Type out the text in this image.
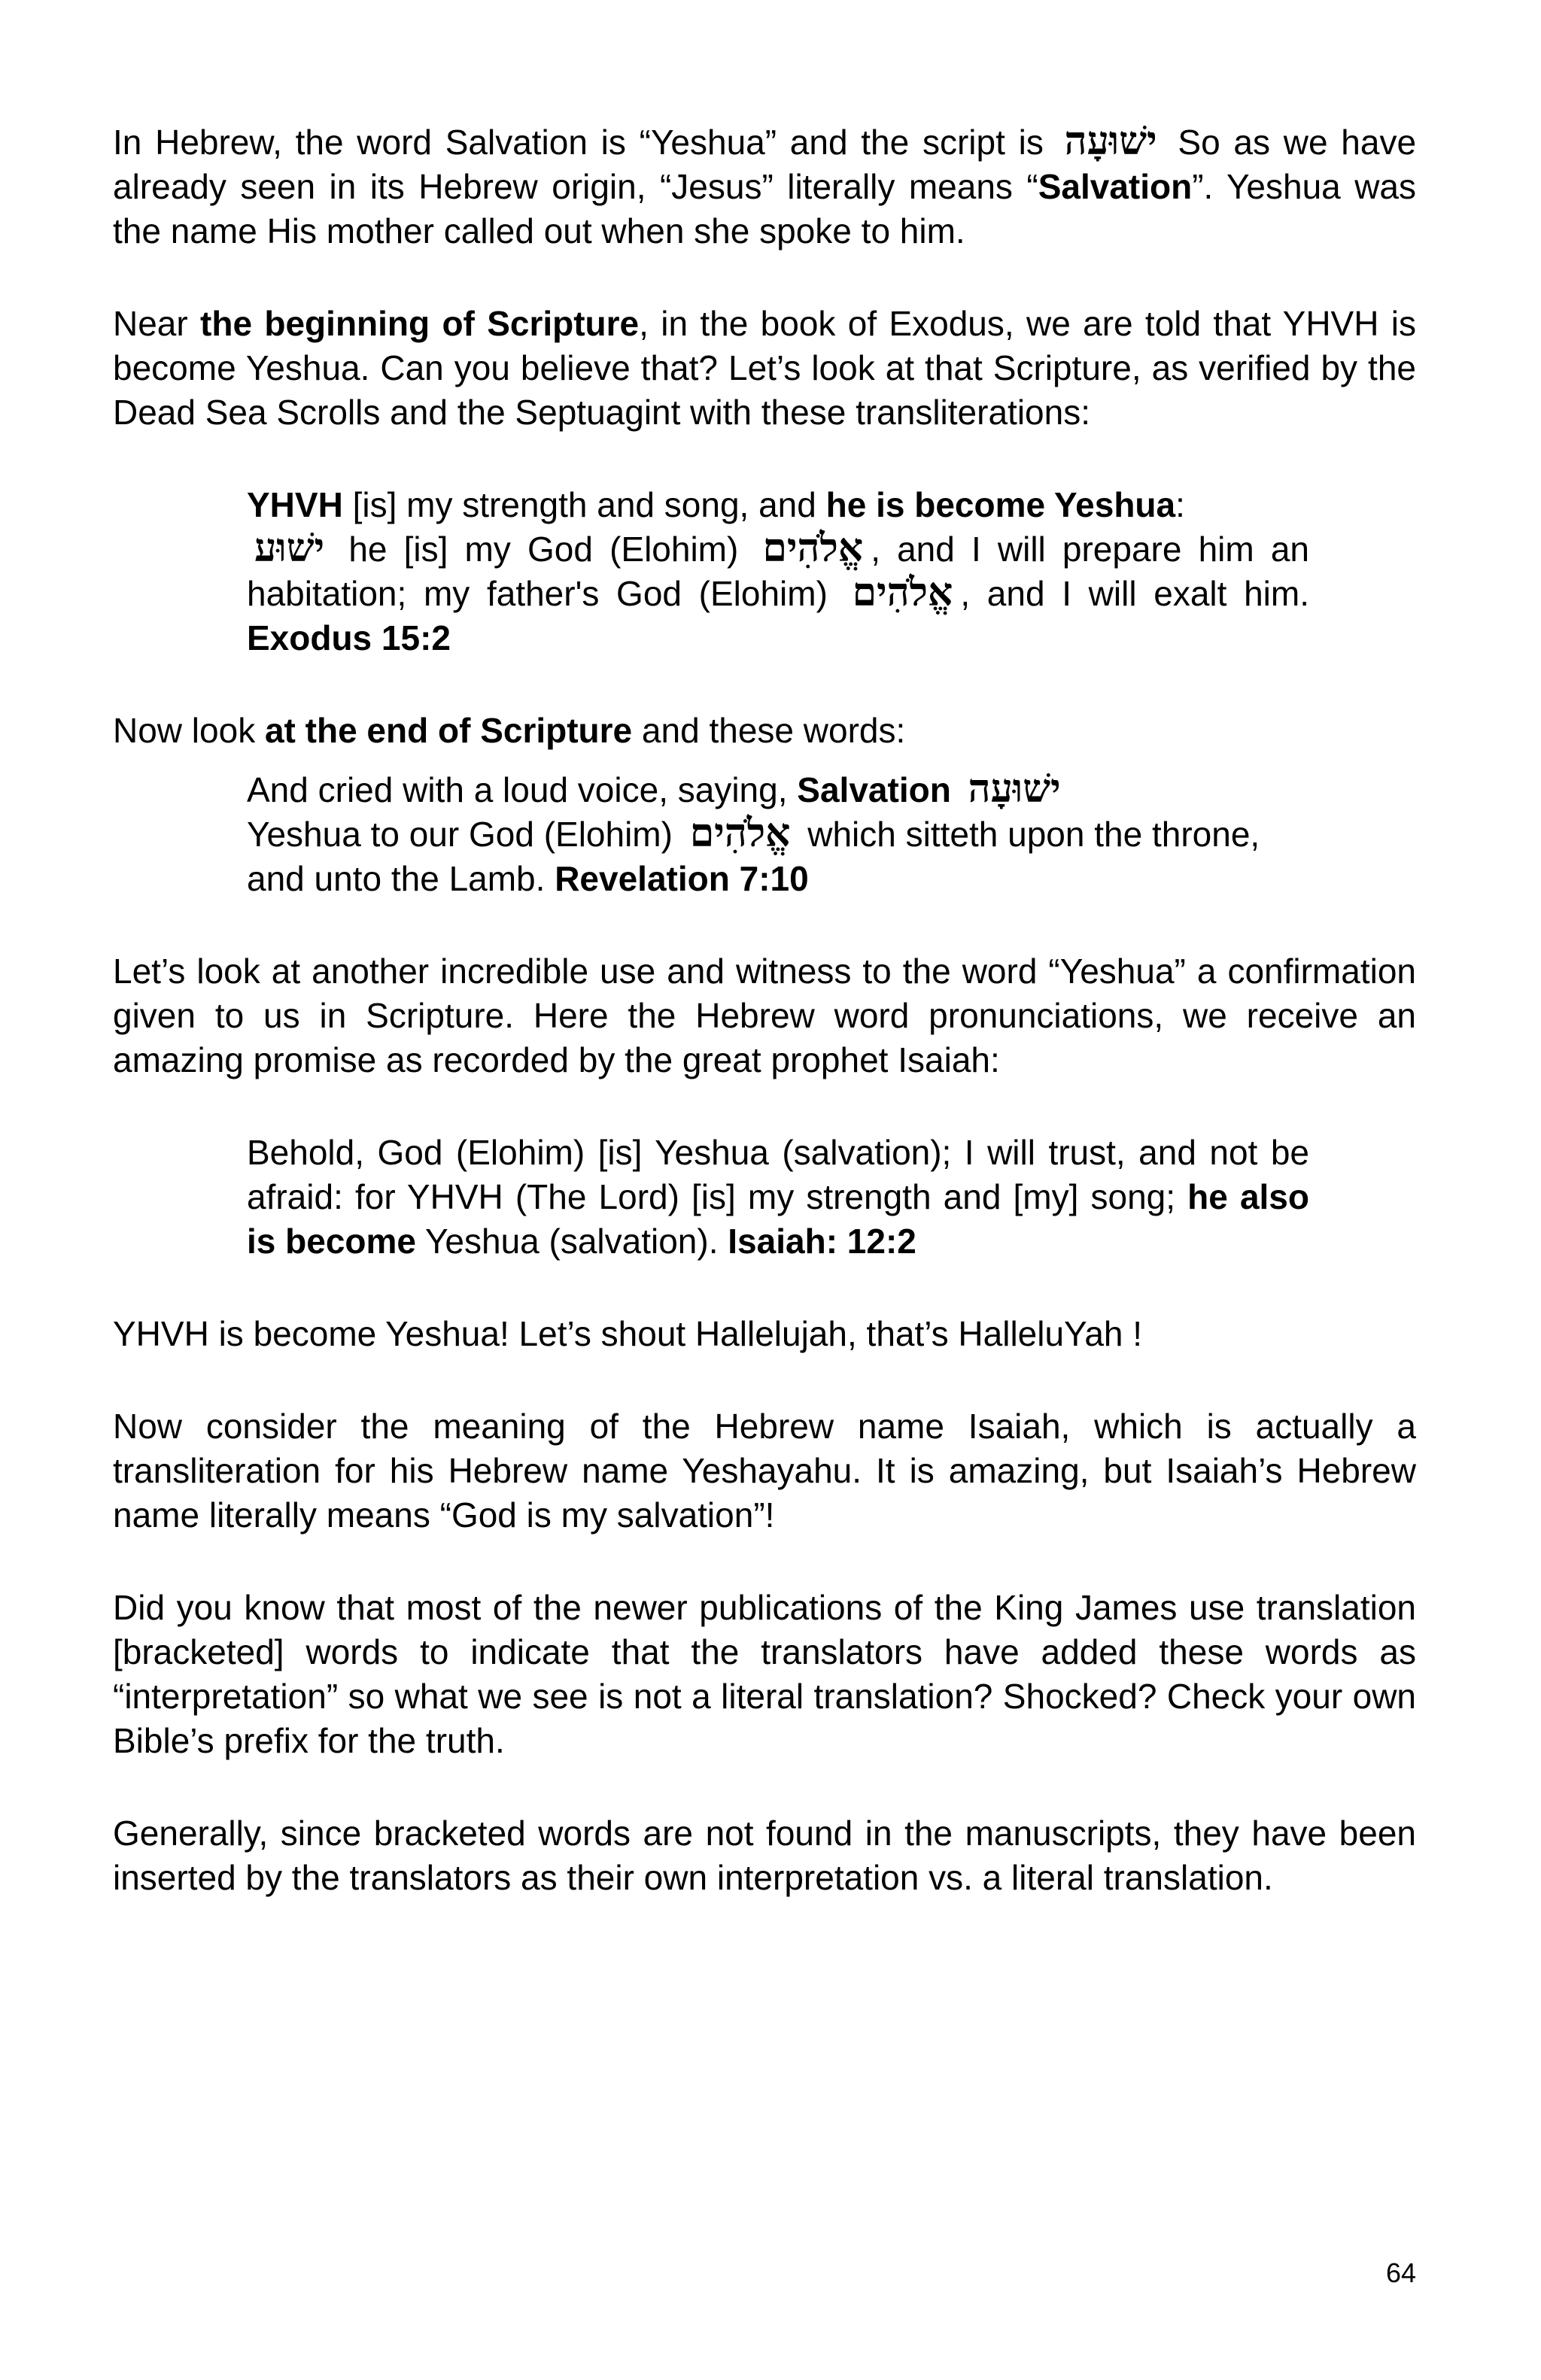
In Hebrew, the word Salvation is “Yeshua” and the script is ישׁוּעָה So as we have already seen in its Hebrew origin, “Jesus” literally means “Salvation”. Yeshua was the name His mother called out when she spoke to him.

Near the beginning of Scripture, in the book of Exodus, we are told that YHVH is become Yeshua. Can you believe that? Let’s look at that Scripture, as verified by the Dead Sea Scrolls and the Septuagint with these transliterations:

YHVH [is] my strength and song, and he is become Yeshua:
ישׁוּע he [is] my God (Elohim) אֱלֹהִים , and I will prepare him an habitation; my father's God (Elohim) אֱלֹהִים , and I will exalt him. Exodus 15:2

Now look at the end of Scripture and these words:

And cried with a loud voice, saying, Salvation ישׁוּעָה
Yeshua to our God (Elohim) אֱלֹהִים which sitteth upon the throne, and unto the Lamb. Revelation 7:10

Let’s look at another incredible use and witness to the word “Yeshua” a confirmation given to us in Scripture. Here the Hebrew word pronunciations, we receive an amazing promise as recorded by the great prophet Isaiah:

Behold, God (Elohim) [is] Yeshua (salvation); I will trust, and not be afraid: for YHVH (The Lord) [is] my strength and [my] song; he also is become Yeshua (salvation). Isaiah: 12:2

YHVH is become Yeshua! Let’s shout Hallelujah, that’s HalleluYah !

Now consider the meaning of the Hebrew name Isaiah, which is actually a transliteration for his Hebrew name Yeshayahu. It is amazing, but Isaiah’s Hebrew name literally means “God is my salvation”!

Did you know that most of the newer publications of the King James use translation [bracketed] words to indicate that the translators have added these words as “interpretation” so what we see is not a literal translation? Shocked? Check your own Bible’s prefix for the truth.

Generally, since bracketed words are not found in the manuscripts, they have been inserted by the translators as their own interpretation vs. a literal translation.

64
